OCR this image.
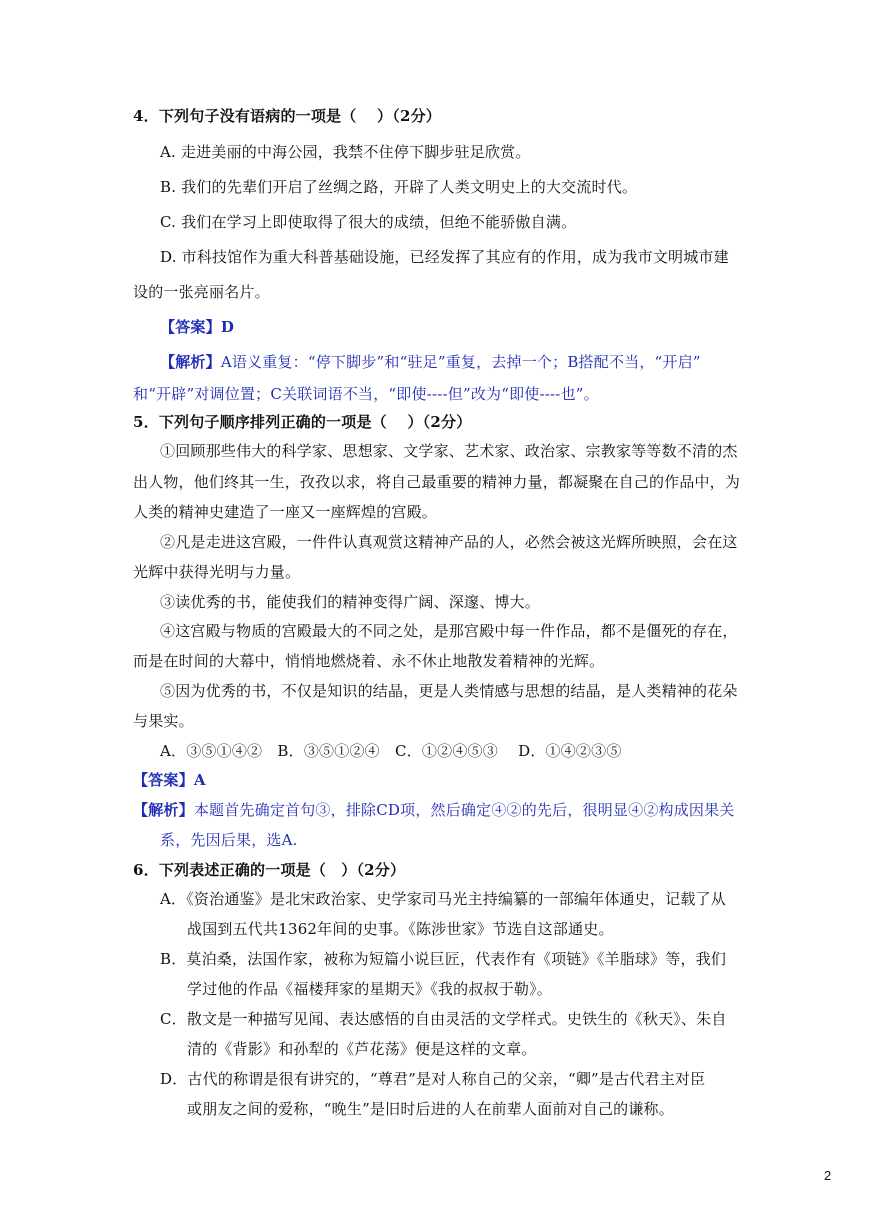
4．下列句子没有语病的一项是（　 ）（2分）
A. 走进美丽的中海公园，我禁不住停下脚步驻足欣赏。
B. 我们的先辈们开启了丝绸之路，开辟了人类文明史上的大交流时代。
C. 我们在学习上即使取得了很大的成绩，但绝不能骄傲自满。
D. 市科技馆作为重大科普基础设施，已经发挥了其应有的作用，成为我市文明城市建
设的一张亮丽名片。
【答案】D
【解析】A语义重复：“停下脚步”和“驻足”重复，去掉一个；B搭配不当，“开启”
和“开辟”对调位置；C关联词语不当，“即使----但”改为“即使----也”。
5．下列句子顺序排列正确的一项是（　 ）（2分）
①回顾那些伟大的科学家、思想家、文学家、艺术家、政治家、宗教家等等数不清的杰
出人物，他们终其一生，孜孜以求，将自己最重要的精神力量，都凝聚在自己的作品中，为
人类的精神史建造了一座又一座辉煌的宫殿。
②凡是走进这宫殿，一件件认真观赏这精神产品的人，必然会被这光辉所映照，会在这
光辉中获得光明与力量。
③读优秀的书，能使我们的精神变得广阔、深邃、博大。
④这宫殿与物质的宫殿最大的不同之处，是那宫殿中每一件作品，都不是僵死的存在，
而是在时间的大幕中，悄悄地燃烧着、永不休止地散发着精神的光辉。
⑤因为优秀的书，不仅是知识的结晶，更是人类情感与思想的结晶，是人类精神的花朵
与果实。
A．③⑤①④②　B．③⑤①②④　C．①②④⑤③　 D．①④②③⑤
【答案】A
【解析】本题首先确定首句③，排除CD项，然后确定④②的先后，很明显④②构成因果关
系，先因后果，选A.
6．下列表述正确的一项是（　）（2分）
A．《资治通鉴》是北宋政治家、史学家司马光主持编纂的一部编年体通史，记载了从
战国到五代共1362年间的史事。《陈涉世家》节选自这部通史。
B．莫泊桑，法国作家，被称为短篇小说巨匠，代表作有《项链》《羊脂球》等，我们
学过他的作品《福楼拜家的星期天》《我的叔叔于勒》。
C．散文是一种描写见闻、表达感悟的自由灵活的文学样式。史铁生的《秋天》、朱自
清的《背影》和孙犁的《芦花荡》便是这样的文章。
D．古代的称谓是很有讲究的，“尊君”是对人称自己的父亲，“卿”是古代君主对臣
或朋友之间的爱称，“晚生”是旧时后进的人在前辈人面前对自己的谦称。
2
